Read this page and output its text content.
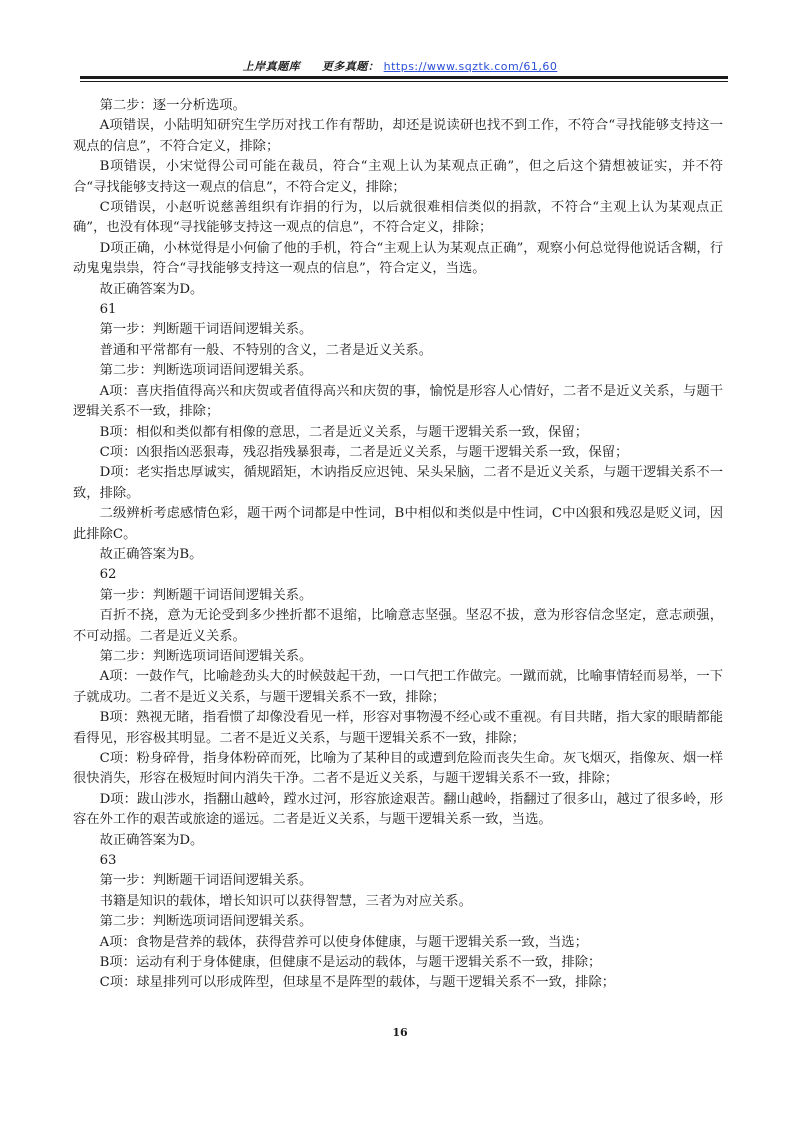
上岸真题库 更多真题： https://www.sqztk.com/61,60

第二步：逐一分析选项。

A项错误，小陆明知研究生学历对找工作有帮助，却还是说读研也找不到工作，不符合“寻找能够支持这一观点的信息”，不符合定义，排除；

B项错误，小宋觉得公司可能在裁员，符合“主观上认为某观点正确”，但之后这个猜想被证实，并不符合“寻找能够支持这一观点的信息”，不符合定义，排除；

C项错误，小赵听说慈善组织有诈捐的行为，以后就很难相信类似的捐款，不符合“主观上认为某观点正确”，也没有体现“寻找能够支持这一观点的信息”，不符合定义，排除；

D项正确，小林觉得是小何偷了他的手机，符合“主观上认为某观点正确”，观察小何总觉得他说话含糊，行动鬼鬼祟祟，符合“寻找能够支持这一观点的信息”，符合定义，当选。

故正确答案为D。

61

第一步：判断题干词语间逻辑关系。

普通和平常都有一般、不特别的含义，二者是近义关系。

第二步：判断选项词语间逻辑关系。

A项：喜庆指值得高兴和庆贺或者值得高兴和庆贺的事，愉悦是形容人心情好，二者不是近义关系，与题干逻辑关系不一致，排除；

B项：相似和类似都有相像的意思，二者是近义关系，与题干逻辑关系一致，保留；

C项：凶狠指凶恶狠毒，残忍指残暴狠毒，二者是近义关系，与题干逻辑关系一致，保留；

D项：老实指忠厚诚实，循规蹈矩，木讷指反应迟钝、呆头呆脑，二者不是近义关系，与题干逻辑关系不一致，排除。

二级辨析考虑感情色彩，题干两个词都是中性词，B中相似和类似是中性词，C中凶狠和残忍是贬义词，因此排除C。

故正确答案为B。

62

第一步：判断题干词语间逻辑关系。

百折不挠，意为无论受到多少挫折都不退缩，比喻意志坚强。坚忍不拔，意为形容信念坚定，意志顽强，不可动摇。二者是近义关系。

第二步：判断选项词语间逻辑关系。

A项：一鼓作气，比喻趁劲头大的时候鼓起干劲，一口气把工作做完。一蹴而就，比喻事情轻而易举，一下子就成功。二者不是近义关系，与题干逻辑关系不一致，排除；

B项：熟视无睹，指看惯了却像没看见一样，形容对事物漫不经心或不重视。有目共睹，指大家的眼睛都能看得见，形容极其明显。二者不是近义关系，与题干逻辑关系不一致，排除；

C项：粉身碎骨，指身体粉碎而死，比喻为了某种目的或遭到危险而丧失生命。灰飞烟灭，指像灰、烟一样很快消失，形容在极短时间内消失干净。二者不是近义关系，与题干逻辑关系不一致，排除；

D项：跋山涉水，指翻山越岭，蹚水过河，形容旅途艰苦。翻山越岭，指翻过了很多山，越过了很多岭，形容在外工作的艰苦或旅途的遥远。二者是近义关系，与题干逻辑关系一致，当选。

故正确答案为D。

63

第一步：判断题干词语间逻辑关系。

书籍是知识的载体，增长知识可以获得智慧，三者为对应关系。

第二步：判断选项词语间逻辑关系。

A项：食物是营养的载体，获得营养可以使身体健康，与题干逻辑关系一致，当选；

B项：运动有利于身体健康，但健康不是运动的载体，与题干逻辑关系不一致，排除；

C项：球星排列可以形成阵型，但球星不是阵型的载体，与题干逻辑关系不一致，排除；

16
